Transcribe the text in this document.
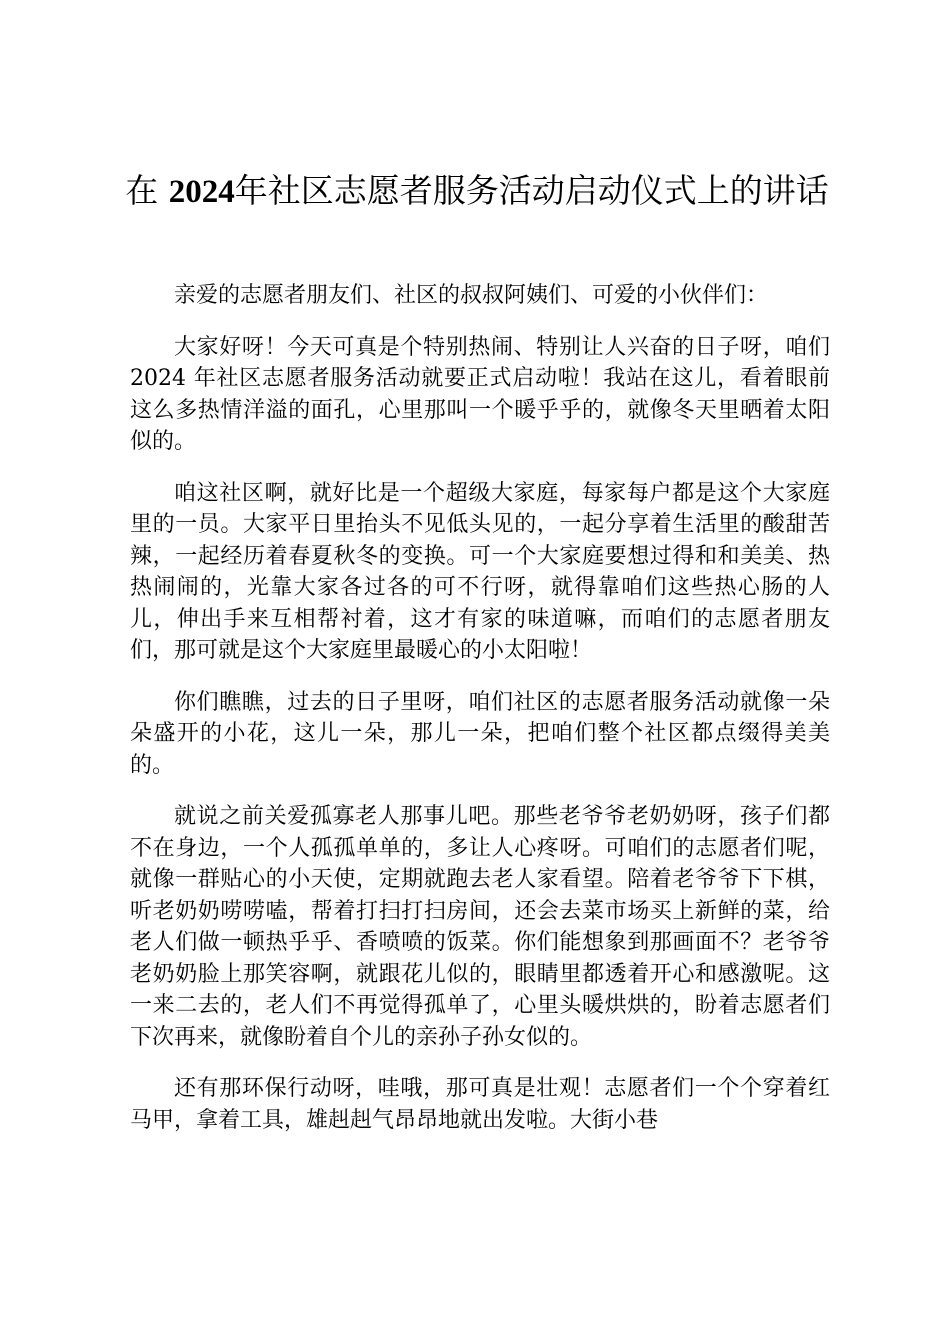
在 2024年社区志愿者服务活动启动仪式上的讲话

亲爱的志愿者朋友们、社区的叔叔阿姨们、可爱的小伙伴们：

大家好呀！今天可真是个特别热闹、特别让人兴奋的日子呀，咱们 2024 年社区志愿者服务活动就要正式启动啦！我站在这儿，看着眼前这么多热情洋溢的面孔，心里那叫一个暖乎乎的，就像冬天里晒着太阳似的。

咱这社区啊，就好比是一个超级大家庭，每家每户都是这个大家庭里的一员。大家平日里抬头不见低头见的，一起分享着生活里的酸甜苦辣，一起经历着春夏秋冬的变换。可一个大家庭要想过得和和美美、热热闹闹的，光靠大家各过各的可不行呀，就得靠咱们这些热心肠的人儿，伸出手来互相帮衬着，这才有家的味道嘛，而咱们的志愿者朋友们，那可就是这个大家庭里最暖心的小太阳啦！

你们瞧瞧，过去的日子里呀，咱们社区的志愿者服务活动就像一朵朵盛开的小花，这儿一朵，那儿一朵，把咱们整个社区都点缀得美美的。

就说之前关爱孤寡老人那事儿吧。那些老爷爷老奶奶呀，孩子们都不在身边，一个人孤孤单单的，多让人心疼呀。可咱们的志愿者们呢，就像一群贴心的小天使，定期就跑去老人家看望。陪着老爷爷下下棋，听老奶奶唠唠嗑，帮着打扫打扫房间，还会去菜市场买上新鲜的菜，给老人们做一顿热乎乎、香喷喷的饭菜。你们能想象到那画面不？老爷爷老奶奶脸上那笑容啊，就跟花儿似的，眼睛里都透着开心和感激呢。这一来二去的，老人们不再觉得孤单了，心里头暖烘烘的，盼着志愿者们下次再来，就像盼着自个儿的亲孙子孙女似的。

还有那环保行动呀，哇哦，那可真是壮观！志愿者们一个个穿着红马甲，拿着工具，雄赳赳气昂昂地就出发啦。大街小巷
